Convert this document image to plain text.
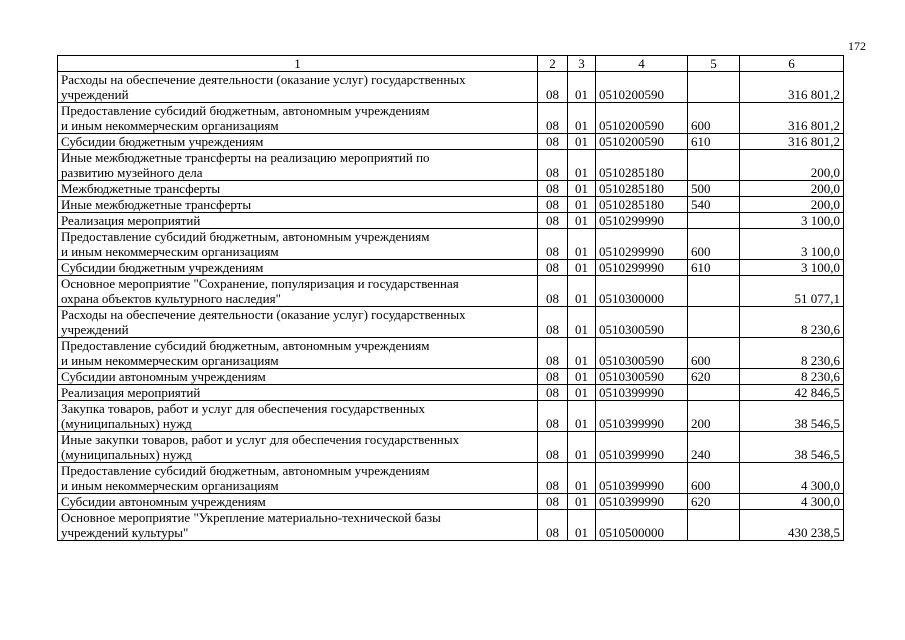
172
1	2	3	4	5	6

Расходы на обеспечение деятельности (оказание услуг) государственных
учреждений	08	01	0510200590		316 801,2

Предоставление субсидий бюджетным, автономным учреждениям
и иным некоммерческим организациям	08	01	0510200590	600	316 801,2

Субсидии бюджетным учреждениям	08	01	0510200590	610	316 801,2

Иные межбюджетные трансферты на реализацию мероприятий по
развитию музейного дела	08	01	0510285180		200,0

Межбюджетные трансферты	08	01	0510285180	500	200,0

Иные межбюджетные трансферты	08	01	0510285180	540	200,0

Реализация мероприятий	08	01	0510299990		3 100,0

Предоставление субсидий бюджетным, автономным учреждениям
и иным некоммерческим организациям	08	01	0510299990	600	3 100,0

Субсидии бюджетным учреждениям	08	01	0510299990	610	3 100,0

Основное мероприятие "Сохранение, популяризация и государственная
охрана объектов культурного наследия"	08	01	0510300000		51 077,1

Расходы на обеспечение деятельности (оказание услуг) государственных
учреждений	08	01	0510300590		8 230,6

Предоставление субсидий бюджетным, автономным учреждениям
и иным некоммерческим организациям	08	01	0510300590	600	8 230,6

Субсидии автономным учреждениям	08	01	0510300590	620	8 230,6

Реализация мероприятий	08	01	0510399990		42 846,5

Закупка товаров, работ и услуг для обеспечения государственных
(муниципальных) нужд	08	01	0510399990	200	38 546,5

Иные закупки товаров, работ и услуг для обеспечения государственных
(муниципальных) нужд	08	01	0510399990	240	38 546,5

Предоставление субсидий бюджетным, автономным учреждениям
и иным некоммерческим организациям	08	01	0510399990	600	4 300,0

Субсидии автономным учреждениям	08	01	0510399990	620	4 300,0

Основное мероприятие "Укрепление материально-технической базы
учреждений культуры"	08	01	0510500000		430 238,5
